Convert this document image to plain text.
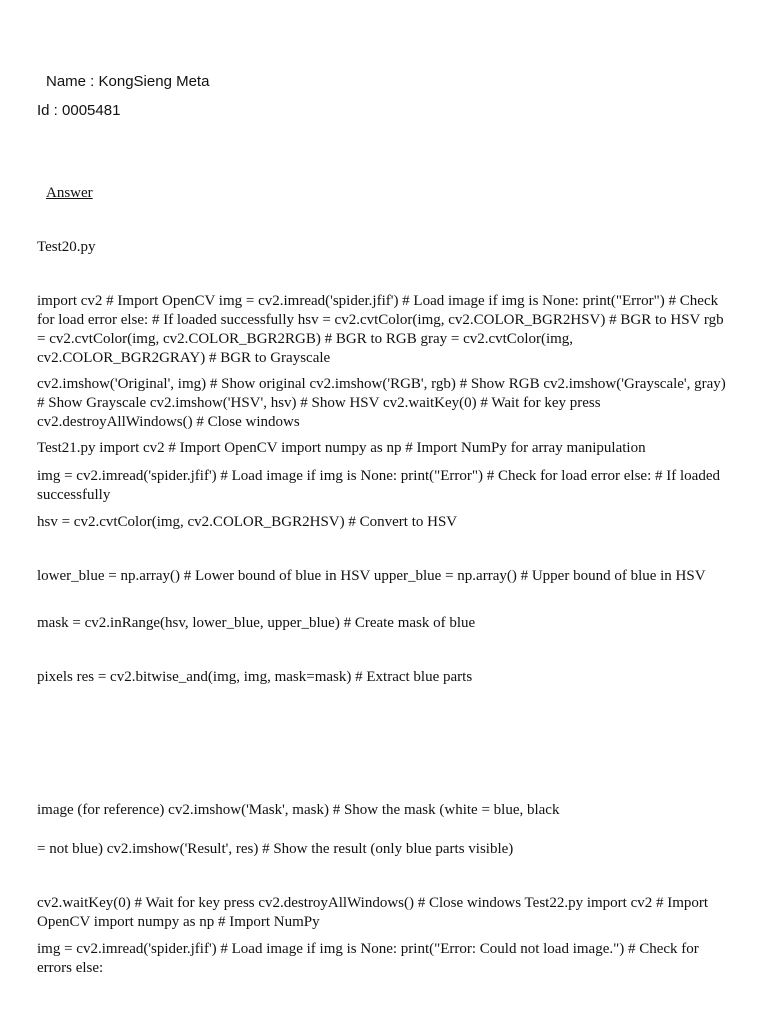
Name : KongSieng Meta
Id : 0005481
Answer
Test20.py
import cv2 # Import OpenCV img = cv2.imread('spider.jfif') # Load image if img is None: print("Error") # Check for load error else: # If loaded successfully hsv = cv2.cvtColor(img, cv2.COLOR_BGR2HSV) # BGR to HSV rgb = cv2.cvtColor(img, cv2.COLOR_BGR2RGB) # BGR to RGB gray = cv2.cvtColor(img, cv2.COLOR_BGR2GRAY) # BGR to Grayscale
cv2.imshow('Original', img) # Show original cv2.imshow('RGB', rgb) # Show RGB cv2.imshow('Grayscale', gray) # Show Grayscale cv2.imshow('HSV', hsv) # Show HSV cv2.waitKey(0) # Wait for key press cv2.destroyAllWindows() # Close windows
Test21.py import cv2 # Import OpenCV import numpy as np # Import NumPy for array manipulation
img = cv2.imread('spider.jfif') # Load image if img is None: print("Error") # Check for load error else: # If loaded successfully
hsv = cv2.cvtColor(img, cv2.COLOR_BGR2HSV) # Convert to HSV
lower_blue = np.array() # Lower bound of blue in HSV upper_blue = np.array() # Upper bound of blue in HSV
mask = cv2.inRange(hsv, lower_blue, upper_blue) # Create mask of blue
pixels res = cv2.bitwise_and(img, img, mask=mask) # Extract blue parts
image (for reference) cv2.imshow('Mask', mask) # Show the mask (white = blue, black
= not blue) cv2.imshow('Result', res) # Show the result (only blue parts visible)
cv2.waitKey(0) # Wait for key press cv2.destroyAllWindows() # Close windows Test22.py import cv2 # Import OpenCV import numpy as np # Import NumPy
img = cv2.imread('spider.jfif') # Load image if img is None: print("Error: Could not load image.") # Check for errors else:
